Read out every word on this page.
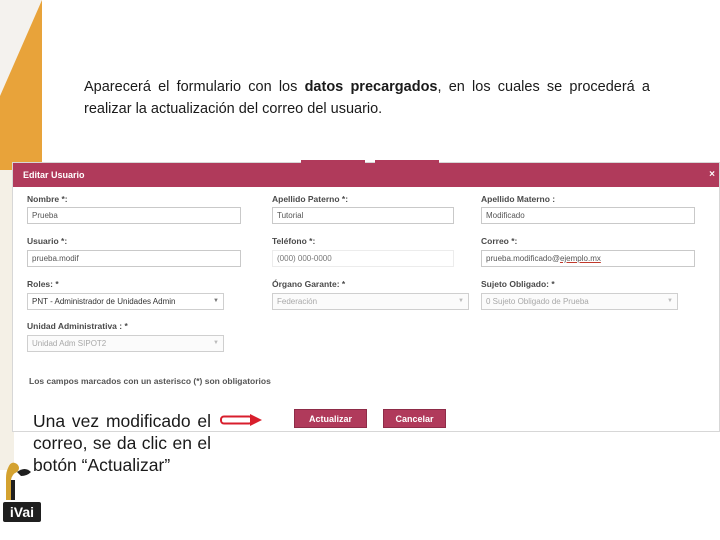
Aparecerá el formulario con los datos precargados, en los cuales se procederá a realizar la actualización del correo del usuario.

Editar Usuario	×
Nombre *:
Prueba
Apellido Paterno *:
Tutorial
Apellido Materno :
Modificado
Usuario *:
prueba.modif
Teléfono *:
(000) 000-0000
Correo *:
prueba.modificado@ejemplo.mx
Roles: *
PNT - Administrador de Unidades Admin	▼
Órgano Garante: *
Federación	▼
Sujeto Obligado: *
0 Sujeto Obligado de Prueba	▼
Unidad Administrativa : *
Unidad Adm SIPOT2	▼
Los campos marcados con un asterisco (*) son obligatorios
Actualizar	Cancelar

Una vez modificado el correo, se da clic en el botón “Actualizar”

iVai
